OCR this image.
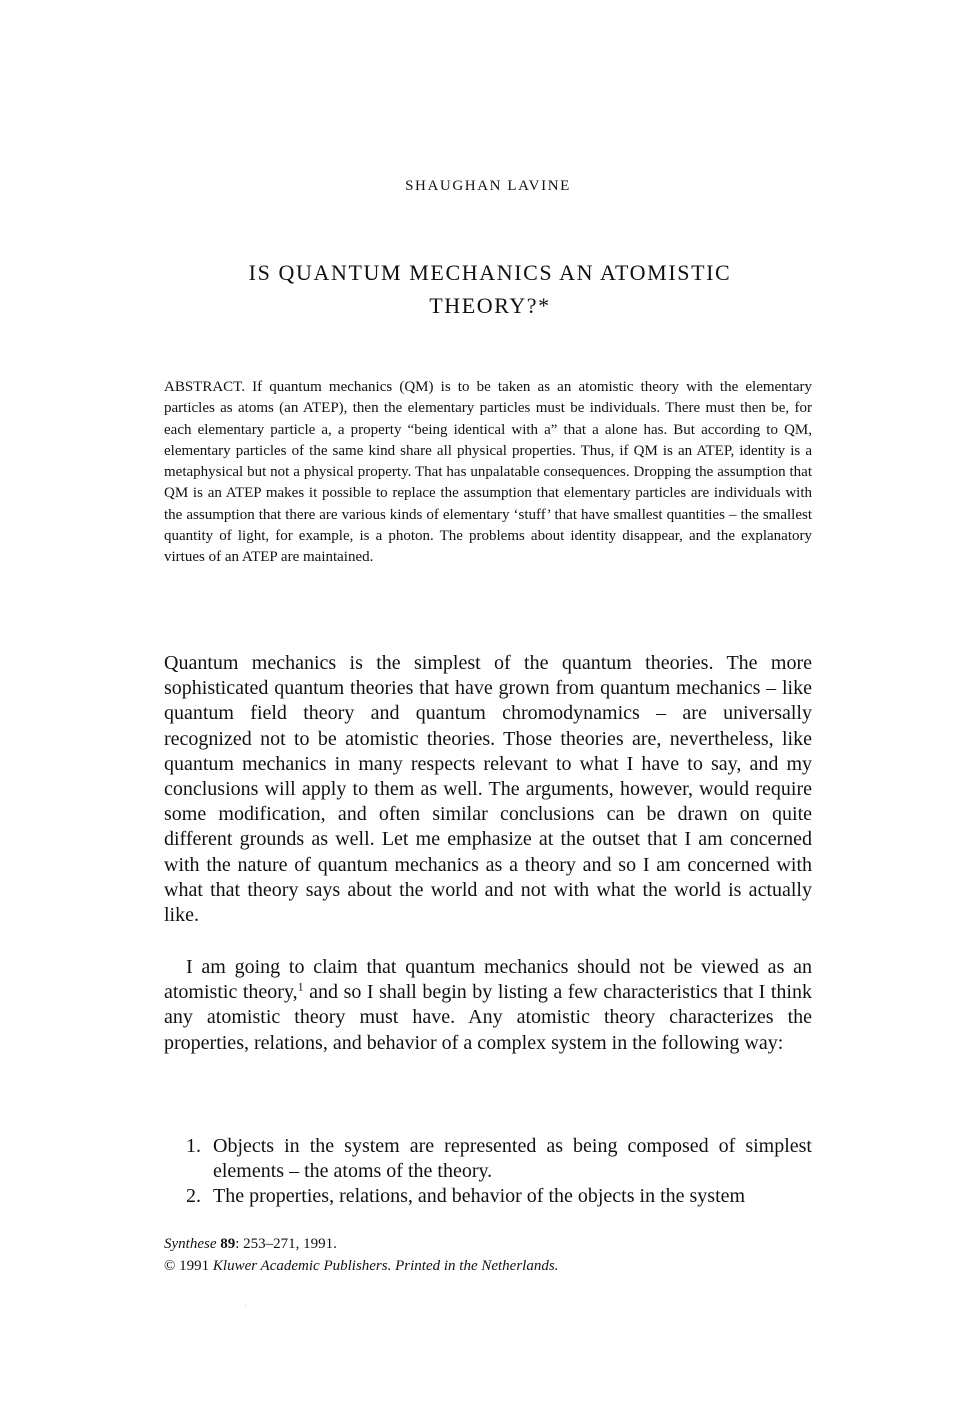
SHAUGHAN LAVINE
IS QUANTUM MECHANICS AN ATOMISTIC
THEORY?*

ABSTRACT. If quantum mechanics (QM) is to be taken as an atomistic theory with the elementary particles as atoms (an ATEP), then the elementary particles must be individuals. There must then be, for each elementary particle a, a property “being identical with a” that a alone has. But according to QM, elementary particles of the same kind share all physical properties. Thus, if QM is an ATEP, identity is a metaphysical but not a physical property. That has unpalatable consequences. Dropping the assumption that QM is an ATEP makes it possible to replace the assumption that elementary particles are individuals with the assumption that there are various kinds of elementary ‘stuff’ that have smallest quantities – the smallest quantity of light, for example, is a photon. The problems about identity disappear, and the explanatory virtues of an ATEP are maintained.

Quantum mechanics is the simplest of the quantum theories. The more sophisticated quantum theories that have grown from quantum mechanics – like quantum field theory and quantum chromodynamics – are universally recognized not to be atomistic theories. Those theories are, nevertheless, like quantum mechanics in many respects relevant to what I have to say, and my conclusions will apply to them as well. The arguments, however, would require some modification, and often similar conclusions can be drawn on quite different grounds as well. Let me emphasize at the outset that I am concerned with the nature of quantum mechanics as a theory and so I am concerned with what that theory says about the world and not with what the world is actually like.

I am going to claim that quantum mechanics should not be viewed as an atomistic theory,$^1$ and so I shall begin by listing a few characteristics that I think any atomistic theory must have. Any atomistic theory characterizes the properties, relations, and behavior of a complex system in the following way:

1. Objects in the system are represented as being composed of simplest elements – the atoms of the theory.
2. The properties, relations, and behavior of the objects in the system
Synthese 89: 253–271, 1991.
© 1991 Kluwer Academic Publishers. Printed in the Netherlands.
